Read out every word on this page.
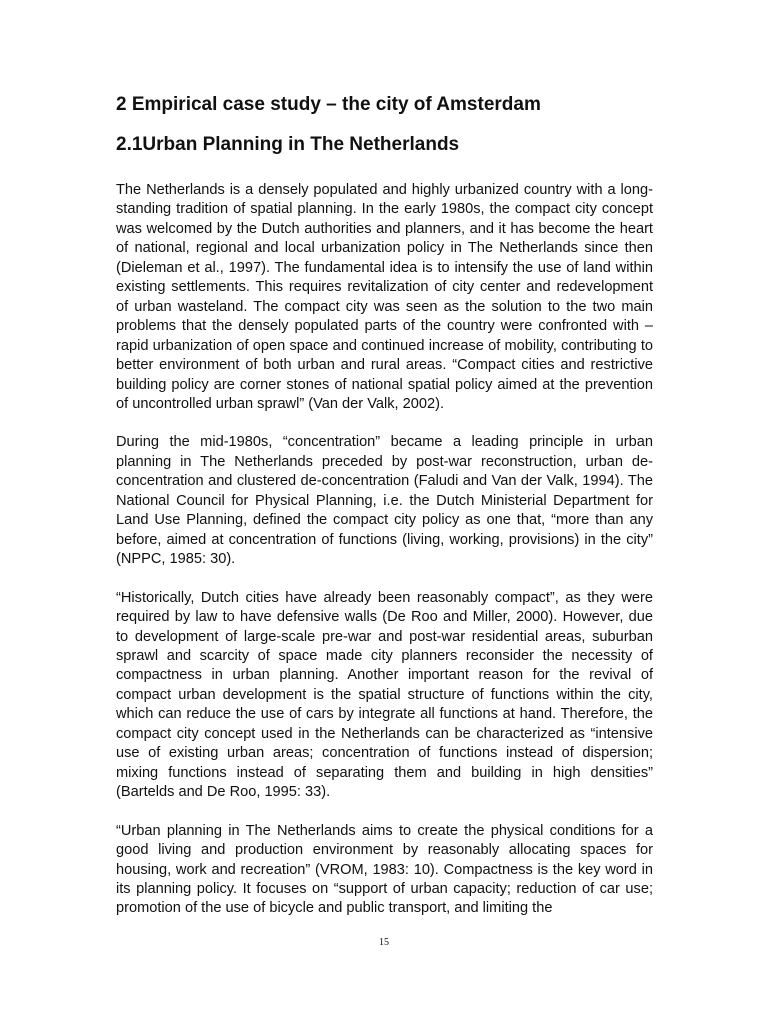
2 Empirical case study – the city of Amsterdam
2.1Urban Planning in The Netherlands

The Netherlands is a densely populated and highly urbanized country with a long-standing tradition of spatial planning. In the early 1980s, the compact city concept was welcomed by the Dutch authorities and planners, and it has become the heart of national, regional and local urbanization policy in The Netherlands since then (Dieleman et al., 1997). The fundamental idea is to intensify the use of land within existing settlements. This requires revitalization of city center and redevelopment of urban wasteland. The compact city was seen as the solution to the two main problems that the densely populated parts of the country were confronted with – rapid urbanization of open space and continued increase of mobility, contributing to better environment of both urban and rural areas. “Compact cities and restrictive building policy are corner stones of national spatial policy aimed at the prevention of uncontrolled urban sprawl” (Van der Valk, 2002).

During the mid-1980s, “concentration” became a leading principle in urban planning in The Netherlands preceded by post-war reconstruction, urban de-concentration and clustered de-concentration (Faludi and Van der Valk, 1994). The National Council for Physical Planning, i.e. the Dutch Ministerial Department for Land Use Planning, defined the compact city policy as one that, “more than any before, aimed at concentration of functions (living, working, provisions) in the city” (NPPC, 1985: 30).

“Historically, Dutch cities have already been reasonably compact”, as they were required by law to have defensive walls (De Roo and Miller, 2000). However, due to development of large-scale pre-war and post-war residential areas, suburban sprawl and scarcity of space made city planners reconsider the necessity of compactness in urban planning. Another important reason for the revival of compact urban development is the spatial structure of functions within the city, which can reduce the use of cars by integrate all functions at hand. Therefore, the compact city concept used in the Netherlands can be characterized as “intensive use of existing urban areas; concentration of functions instead of dispersion; mixing functions instead of separating them and building in high densities” (Bartelds and De Roo, 1995: 33).

“Urban planning in The Netherlands aims to create the physical conditions for a good living and production environment by reasonably allocating spaces for housing, work and recreation” (VROM, 1983: 10). Compactness is the key word in its planning policy. It focuses on “support of urban capacity; reduction of car use; promotion of the use of bicycle and public transport, and limiting the

15
